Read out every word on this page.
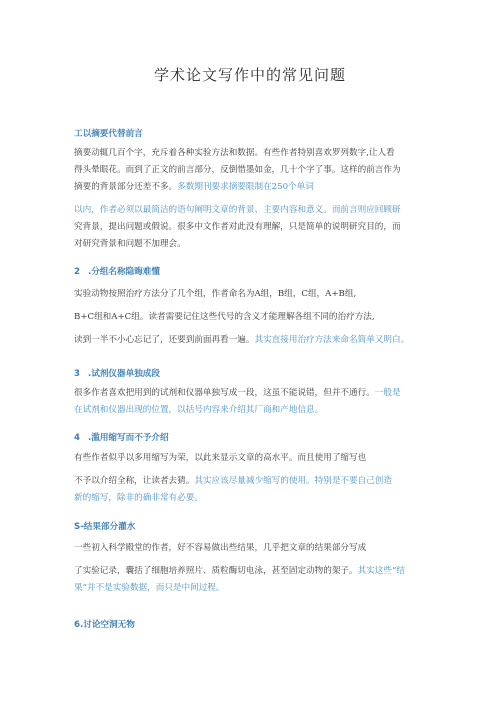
学术论文写作中的常见问题
工以摘要代替前言
摘要动辄几百个字，充斥着各种实验方法和数据。有些作者特别喜欢罗列数字,让人看
得头晕眼花。而到了正文的前言部分，反倒惜墨如金，几十个字了事。这样的前言作为
摘要的背景部分还差不多。多数期刊要求摘要限制在250个单词
以内，作者必须以最简洁的语句阐明文章的背景、主要内容和意义。而前言则应回顾研
究背景，提出问题或假说。很多中文作者对此没有理解，只是简单的说明研究目的，而
对研究背景和问题不加理会。
2 .分组名称隐晦难懂
实验动物按照治疗方法分了几个组，作者命名为A组，B组，C组，A+B组,
B+C组和A+C组。读者需要记住这些代号的含义才能理解各组不同的治疗方法,
读到一半不小心忘记了，还要到前面再看一遍。其实直接用治疗方法来命名简单又明白。
3 .试剂仪器单独成段
很多作者喜欢把用到的试剂和仪器单独写成一段，这虽不能说错，但并不通行。一般是
在试剂和仪器出现的位置，以括号内容来介绍其厂商和产地信息。
4 .滥用缩写而不予介绍
有些作者似乎以多用缩写为荣，以此来显示文章的高水平。而且使用了缩写也
不予以介绍全称，让读者去猜。其实应该尽量减少缩写的使用。特别是不要自己创造
新的缩写，除非的确非常有必要。
S-结果部分灌水
一些初入科学殿堂的作者，好不容易做出些结果，几乎把文章的结果部分写成
了实验记录，囊括了细胞培养照片、质粒酶切电泳，甚至固定动物的架子。其实这些“结
果”并不是实验数据，而只是中间过程。
6.讨论空洞无物
